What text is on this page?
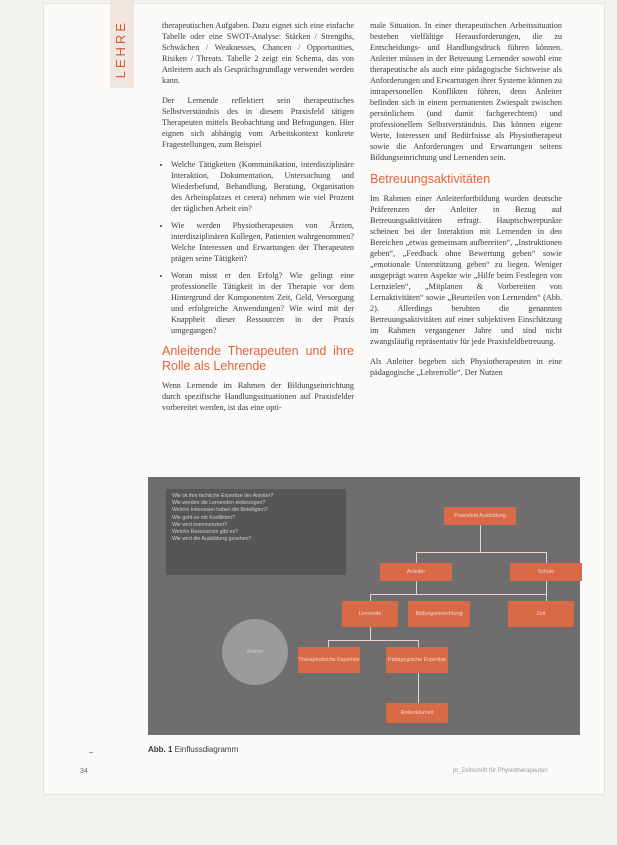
LEHRE	therapeutischen Aufgaben. Dazu eignet sich eine einfache Tabelle oder eine SWOT-Analyse: Stärken / Strengths, Schwächen / Weaknesses, Chancen / Opportunities, Risiken / Threats. Tabelle 2 zeigt ein Schema, das von Anleitern auch als Gesprächsgrundlage verwendet werden kann.

Der Lernende reflektiert sein therapeutisches Selbstverständnis des in diesem Praxisfeld tätigen Therapeuten mittels Beobachtung und Befragungen. Hier eignen sich abhängig vom Arbeitskontext konkrete Fragestellungen, zum Beispiel

• Welche Tätigkeiten (Kommunikation, interdisziplinäre Interaktion, Dokumentation, Untersuchung und Wiederbefund, Behandlung, Beratung, Organisation des Arbeitsplatzes et cetera) nehmen wie viel Prozent der täglichen Arbeit ein?
• Wie werden Physiotherapeuten von Ärzten, interdisziplinären Kollegen, Patienten wahrgenommen? Welche Interessen und Erwartungen der Therapeuten prägen seine Tätigkeit?
• Woran misst er den Erfolg? Wie gelingt eine professionelle Tätigkeit in der Therapie vor dem Hintergrund der Komponenten Zeit, Geld, Versorgung und erfolgreiche Anwendungen? Wie wird mit der Knappheit dieser Ressourcen in der Praxis umgegangen?
Anleitende Therapeuten und ihre Rolle als Lehrende

Wenn Lernende im Rahmen der Bildungseinrichtung durch spezifische Handlungssituationen auf Praxisfelder vorbereitet werden, ist das eine opti-

male Situation. In einer therapeutischen Arbeitssituation bestehen vielfältige Herausforderungen, die zu Entscheidungs- und Handlungsdruck führen können. Anleiter müssen in der Betreuung Lernender sowohl eine therapeutische als auch eine pädagogische Sichtweise als Anforderungen und Erwartungen ihrer Systeme können zu intrapersonellen Konflikten führen, denn Anleiter befinden sich in einem permanenten Zwiespalt zwischen persönlichem (und damit fachgerechtem) und professionellem Selbstverständnis. Das können eigene Werte, Interessen und Bedürfnisse als Physiotherapeut sowie die Anforderungen und Erwartungen seitens Bildungseinrichtung und Lernenden sein.

Betreuungsaktivitäten

Im Rahmen einer Anleiterfortbildung wurden deutsche Präferenzen der Anleiter in Bezug auf Betreuungsaktivitäten erfragt. Hauptschwerpunkte scheinen bei der Interaktion mit Lernenden in den Bereichen „etwas gemeinsam aufbereiten“, „Instruktionen geben“, „Feedback ohne Bewertung geben“ sowie „emotionale Unterstützung geben“ zu liegen. Weniger ausgeprägt waren Aspekte wie „Hilfe beim Festlegen von Lernzielen“, „Mitplanen & Vorbereiten von Lernaktivitäten“ sowie „Beurteilen von Lernenden“ (Abb. 2). Allerdings beruhten die genannten Betreuungsaktivitäten auf einer subjektiven Einschätzung im Rahmen vergangener Jahre und sind nicht zwangsläufig repräsentativ für jede Praxisfeldbetreuung.

Als Anleiter begeben sich Physiotherapeuten in eine pädagogische „Lehrerrolle“. Der Nutzen

Wie ist ihre fachliche Expertise der Anleiter?
Wie werden die Lernenden einbezogen?
Welche Interessen haben die Beteiligten?
Wie geht es mit Konflikten?
Wie wird kommuniziert?
Welche Ressourcen gibt es?
Wie wird die Ausbildung gesehen?
Anleiter
Praxisfeld Ausbildung
Anleiter	Schule
Lernende	Bildungseinrichtung	Zeit
Therapeutische Expertise	Pädagogische Expertise
Rollenklarheit
Abb. 1 Einflussdiagramm
34	pt_Zeitschrift für Physiotherapeuten
